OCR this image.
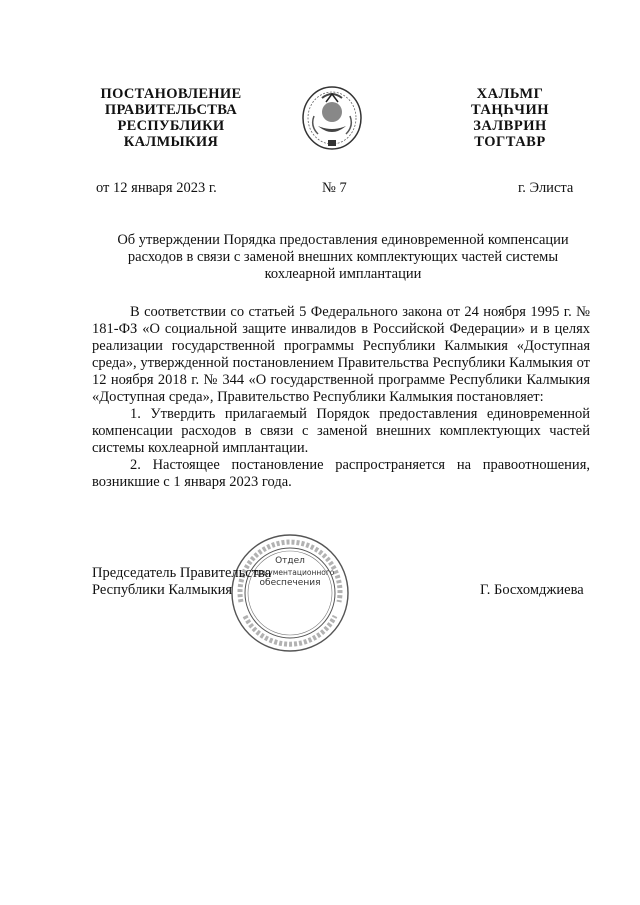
ПОСТАНОВЛЕНИЕ
ПРАВИТЕЛЬСТВА
РЕСПУБЛИКИ
КАЛМЫКИЯ
ХАЛЬМГ
ТАҢҺЧИН
ЗАЛВРИН
ТОГТАВР
от 12 января 2023 г.	№ 7	г. Элиста
Об утверждении Порядка предоставления единовременной компенсации расходов в связи с заменой внешних комплектующих частей системы кохлеарной имплантации

В соответствии со статьей 5 Федерального закона от 24 ноября 1995 г. № 181-ФЗ «О социальной защите инвалидов в Российской Федерации» и в целях реализации государственной программы Республики Калмыкия «Доступная среда», утвержденной постановлением Правительства Республики Калмыкия от 12 ноября 2018 г. № 344 «О государственной программе Республики Калмыкия «Доступная среда», Правительство Республики Калмыкия постановляет:

1. Утвердить прилагаемый Порядок предоставления единовременной компенсации расходов в связи с заменой внешних комплектующих частей системы кохлеарной имплантации.

2. Настоящее постановление распространяется на правоотношения, возникшие с 1 января 2023 года.

Отдел
документационного
обеспечения
Председатель Правительства
Республики Калмыкия	Г. Босхомджиева
